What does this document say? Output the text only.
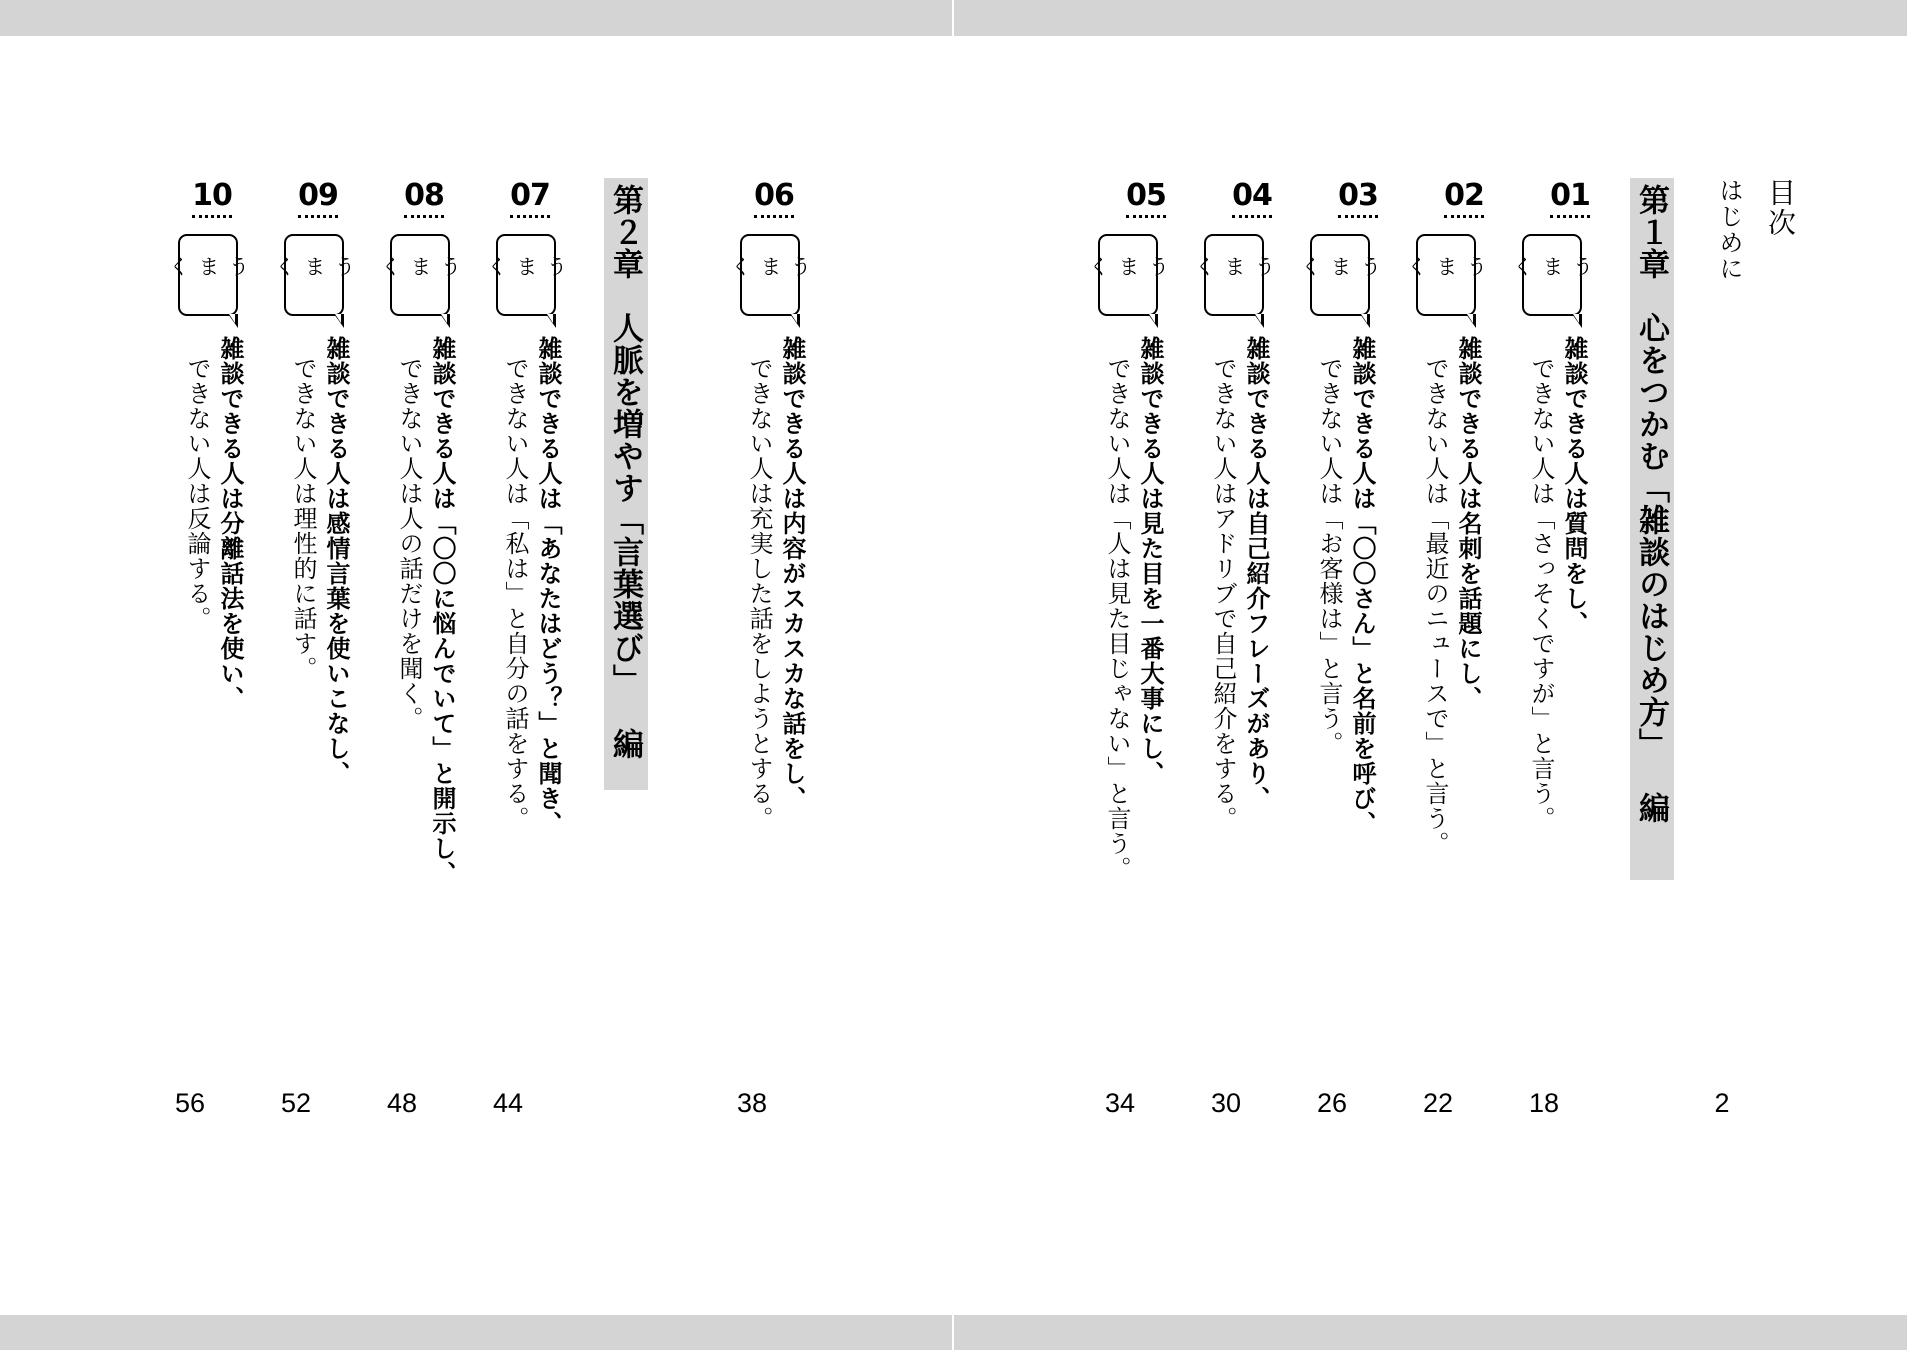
目次
はじめに
2
第１章　心をつかむ「雑談のはじめ方」　編
01
うまく
雑談できる人は質問をし、
できない人は「さっそくですが」と言う。
18
02
うまく
雑談できる人は名刺を話題にし、
できない人は「最近のニュースで」と言う。
22
03
うまく
雑談できる人は「〇〇さん」と名前を呼び、
できない人は「お客様は」と言う。
26
04
うまく
雑談できる人は自己紹介フレーズがあり、
できない人はアドリブで自己紹介をする。
30
05
うまく
雑談できる人は見た目を一番大事にし、
できない人は「人は見た目じゃない」と言う。
34
06
うまく
雑談できる人は内容がスカスカな話をし、
できない人は充実した話をしようとする。
38
第２章　人脈を増やす「言葉選び」　編
07
うまく
雑談できる人は「あなたはどう？」と聞き、
できない人は「私は」と自分の話をする。
44
08
うまく
雑談できる人は「〇〇に悩んでいて」と開示し、
できない人は人の話だけを聞く。
48
09
うまく
雑談できる人は感情言葉を使いこなし、
できない人は理性的に話す。
52
10
うまく
雑談できる人は分離話法を使い、
できない人は反論する。
56
